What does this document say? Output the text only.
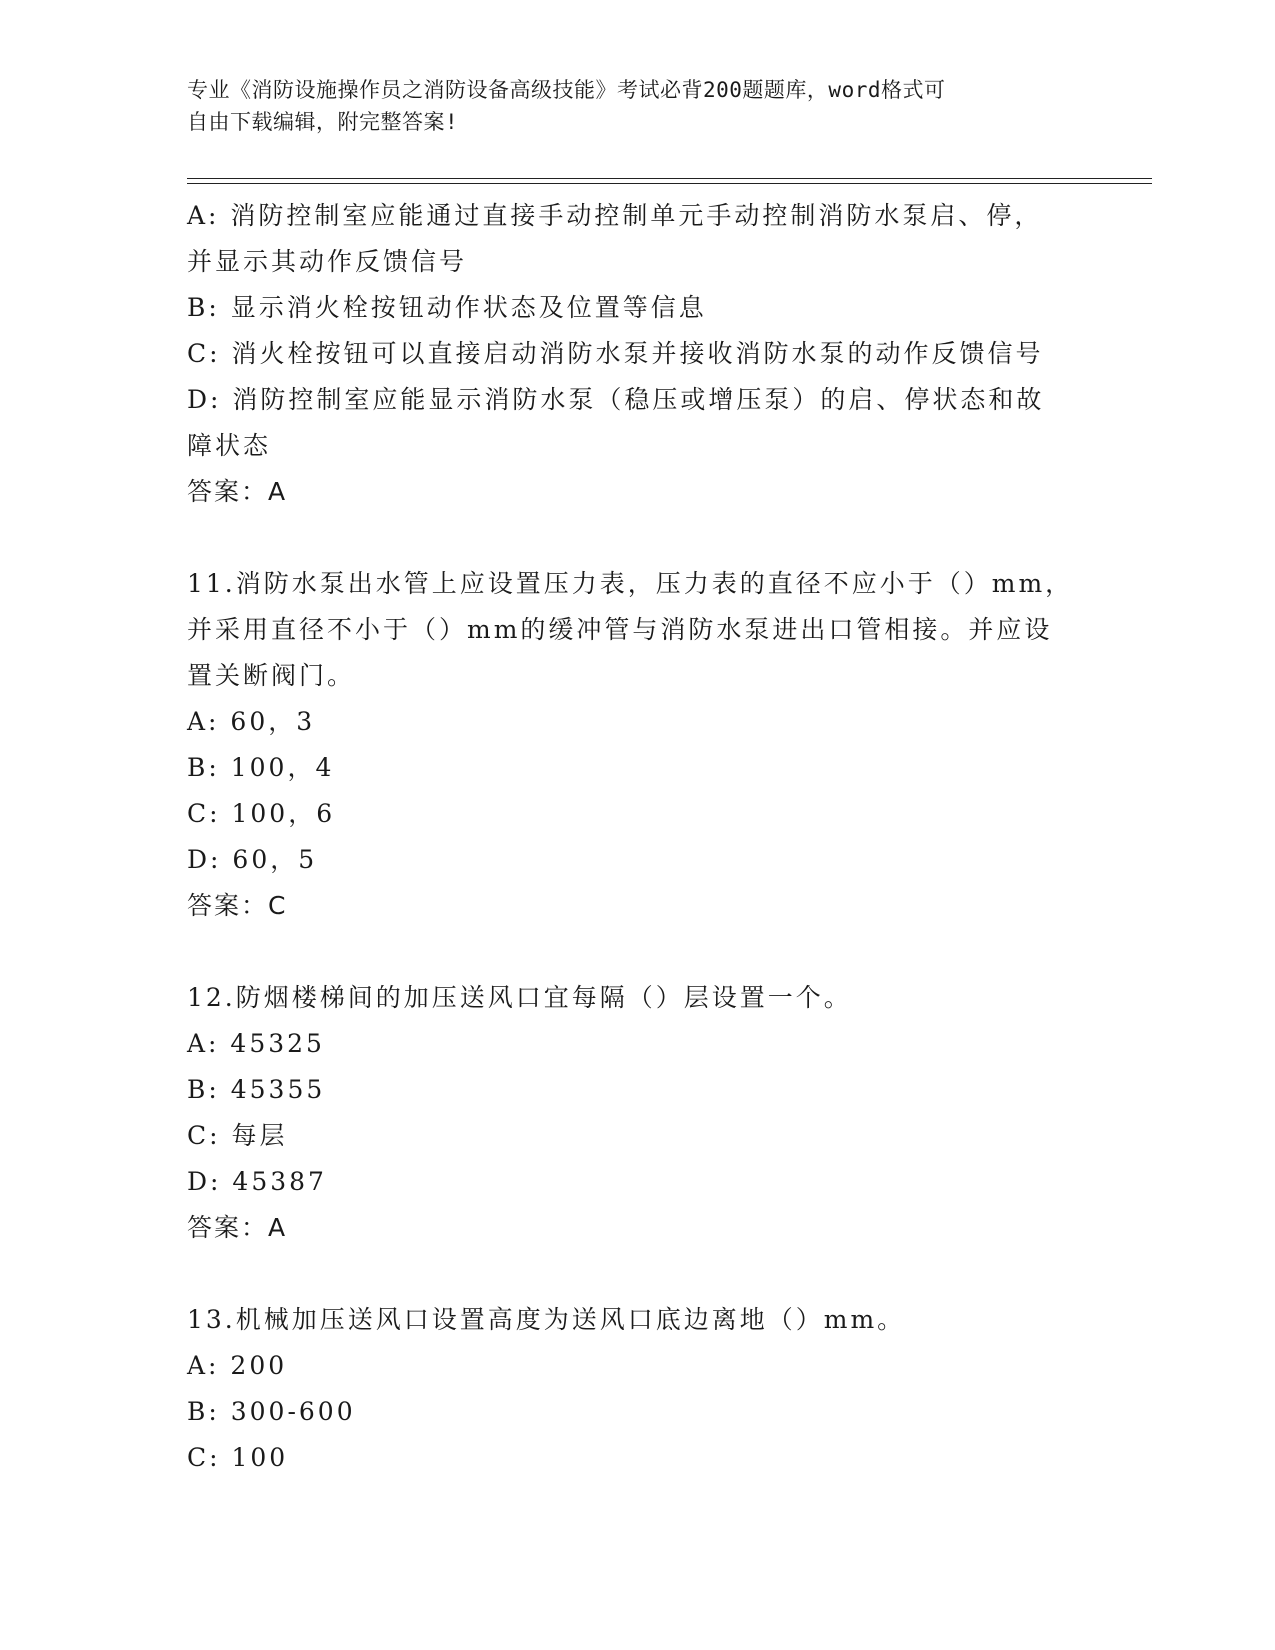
专业《消防设施操作员之消防设备高级技能》考试必背200题题库，word格式可
自由下载编辑，附完整答案!
A: 消防控制室应能通过直接手动控制单元手动控制消防水泵启、停，
并显示其动作反馈信号
B: 显示消火栓按钮动作状态及位置等信息
C: 消火栓按钮可以直接启动消防水泵并接收消防水泵的动作反馈信号
D: 消防控制室应能显示消防水泵（稳压或增压泵）的启、停状态和故
障状态
答案：A
11.消防水泵出水管上应设置压力表，压力表的直径不应小于（）mm，
并采用直径不小于（）mm的缓冲管与消防水泵进出口管相接。并应设
置关断阀门。
A: 60，3
B: 100，4
C: 100，6
D: 60，5
答案：C
12.防烟楼梯间的加压送风口宜每隔（）层设置一个。
A: 45325
B: 45355
C: 每层
D: 45387
答案：A
13.机械加压送风口设置高度为送风口底边离地（）mm。
A: 200
B: 300-600
C: 100
